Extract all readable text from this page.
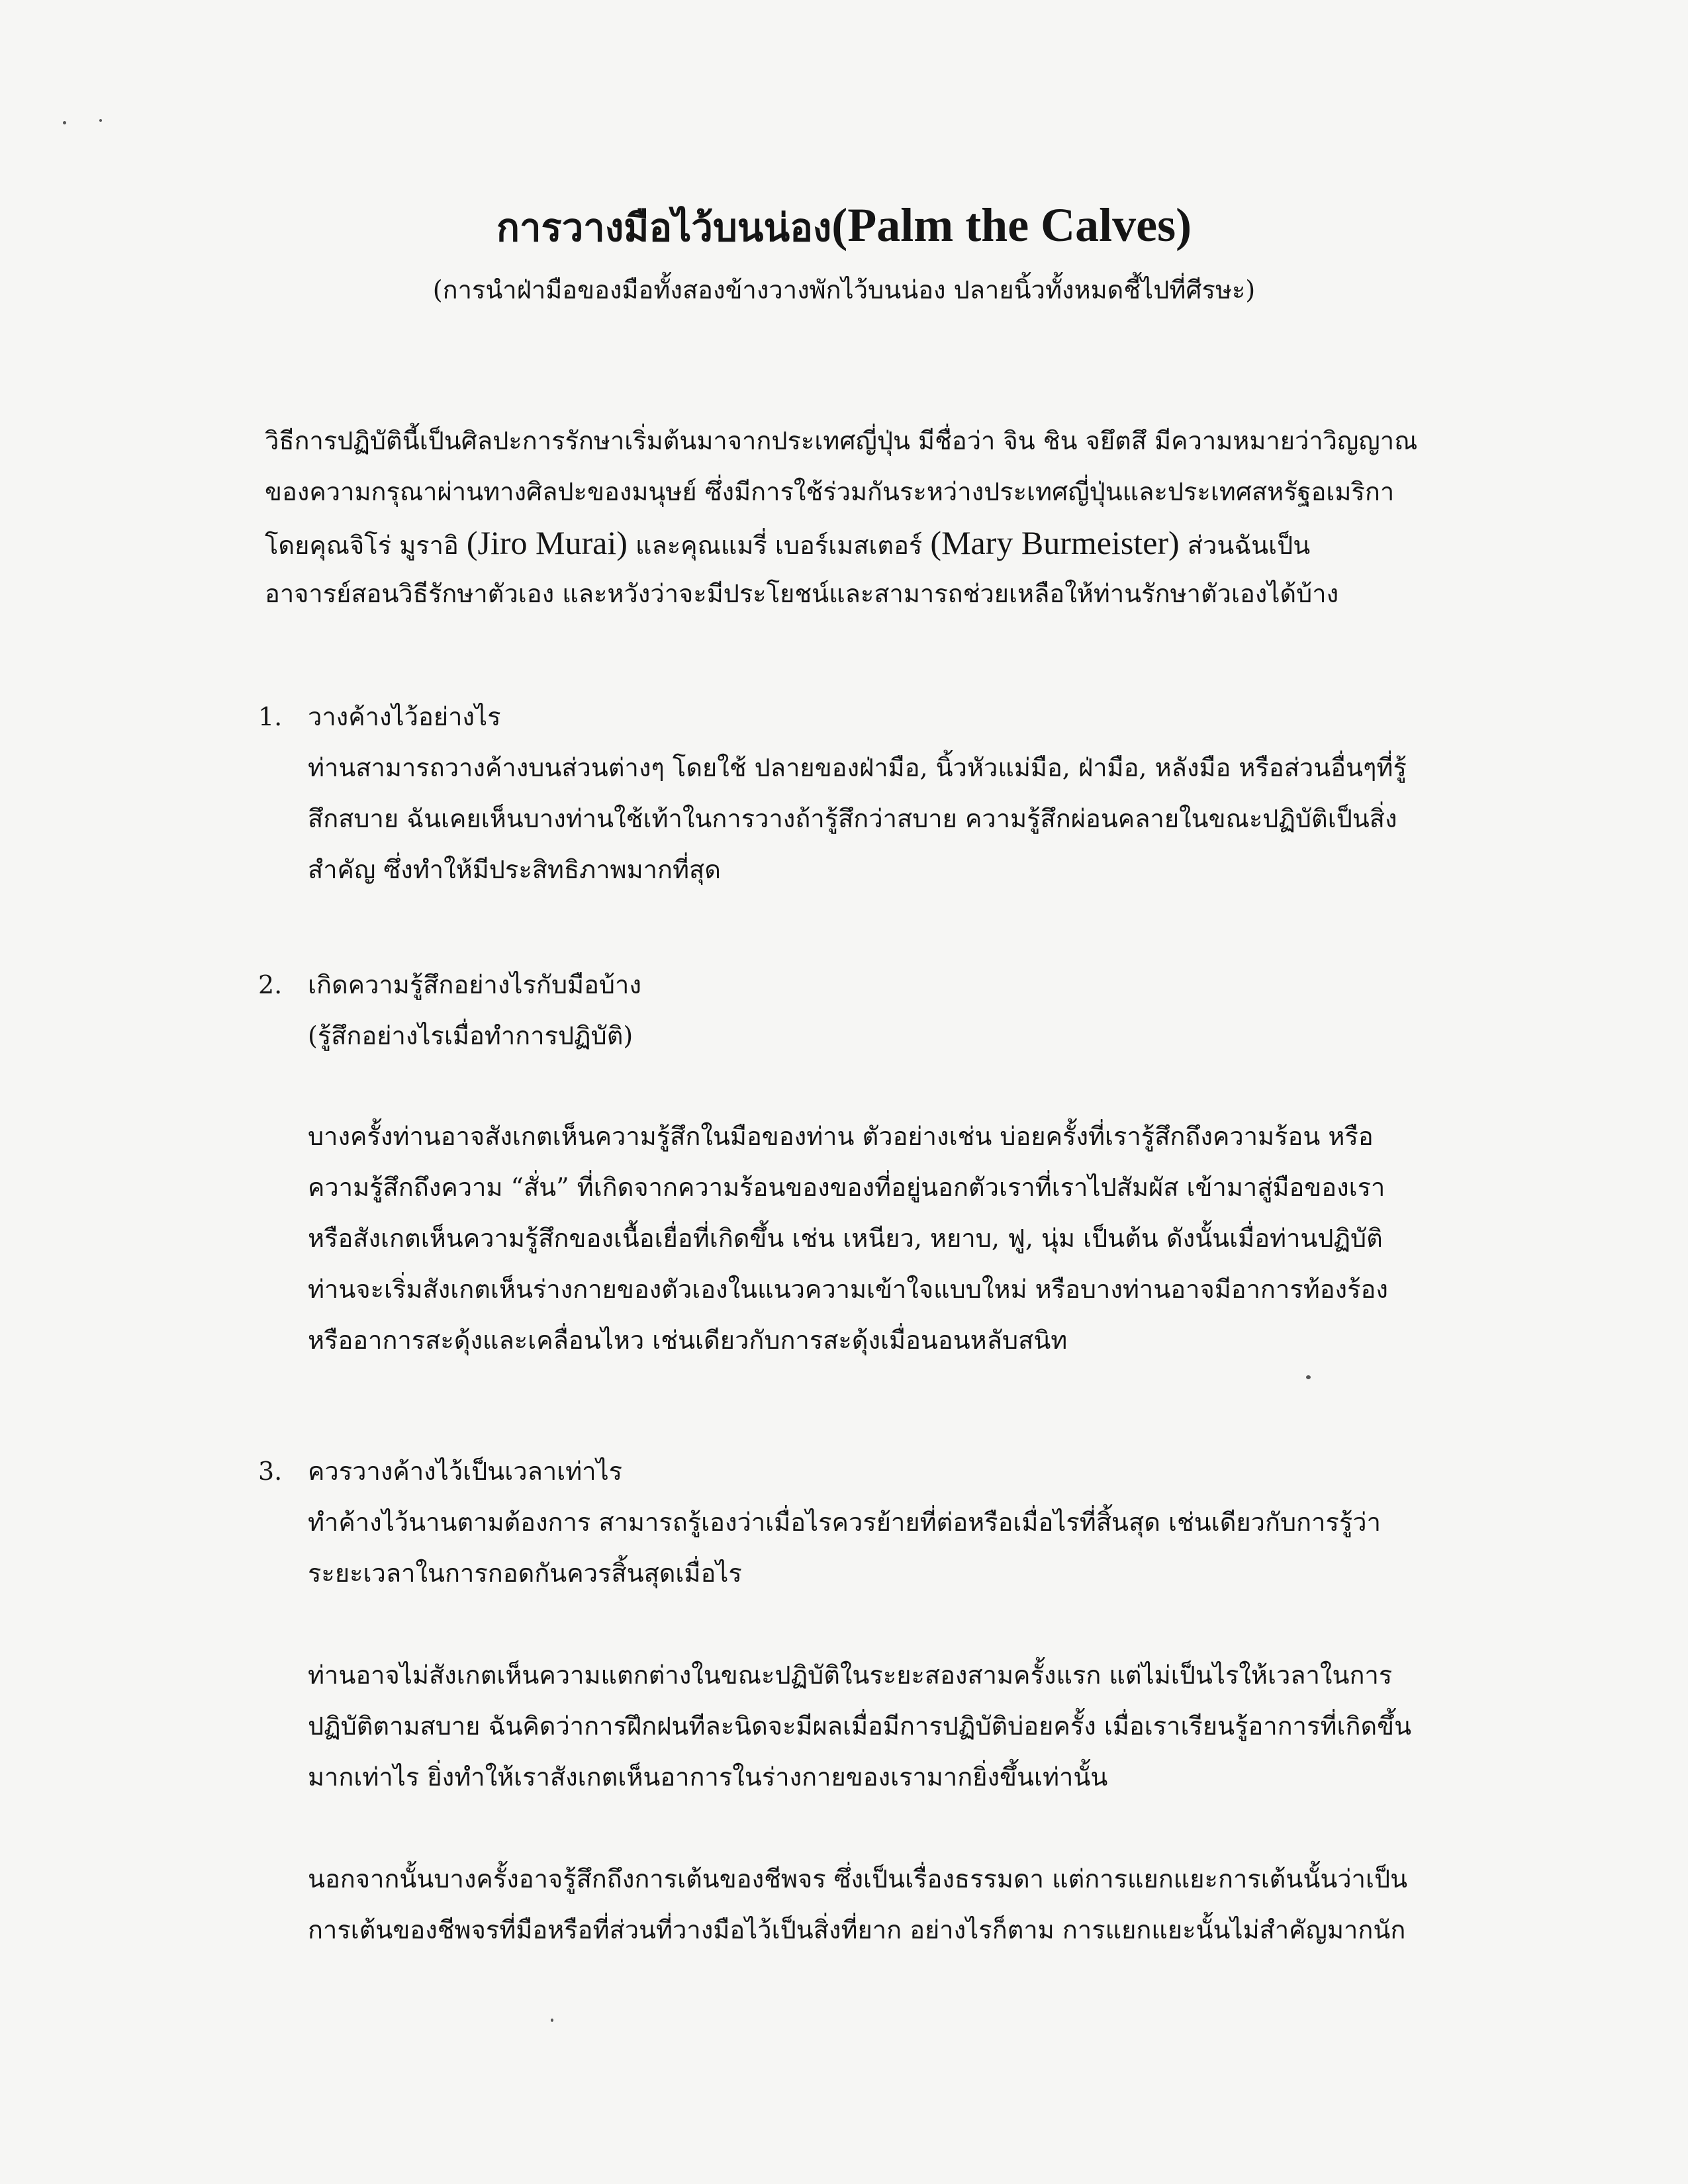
การวางมือไว้บนน่อง(Palm the Calves)
(การนำฝ่ามือของมือทั้งสองข้างวางพักไว้บนน่อง ปลายนิ้วทั้งหมดชี้ไปที่ศีรษะ)
วิธีการปฏิบัตินี้เป็นศิลปะการรักษาเริ่มต้นมาจากประเทศญี่ปุ่น มีชื่อว่า จิน ชิน จยึตสึ มีความหมายว่าวิญญาณ
ของความกรุณาผ่านทางศิลปะของมนุษย์ ซึ่งมีการใช้ร่วมกันระหว่างประเทศญี่ปุ่นและประเทศสหรัฐอเมริกา
โดยคุณจิโร่ มูราอิ (Jiro Murai) และคุณแมรี่ เบอร์เมสเตอร์ (Mary Burmeister) ส่วนฉันเป็น
อาจารย์สอนวิธีรักษาตัวเอง และหวังว่าจะมีประโยชน์และสามารถช่วยเหลือให้ท่านรักษาตัวเองได้บ้าง
1. วางค้างไว้อย่างไร
ท่านสามารถวางค้างบนส่วนต่างๆ โดยใช้ ปลายของฝ่ามือ, นิ้วหัวแม่มือ, ฝ่ามือ, หลังมือ หรือส่วนอื่นๆที่รู้
สึกสบาย ฉันเคยเห็นบางท่านใช้เท้าในการวางถ้ารู้สึกว่าสบาย ความรู้สึกผ่อนคลายในขณะปฏิบัติเป็นสิ่ง
สำคัญ ซึ่งทำให้มีประสิทธิภาพมากที่สุด
2. เกิดความรู้สึกอย่างไรกับมือบ้าง
(รู้สึกอย่างไรเมื่อทำการปฏิบัติ)
บางครั้งท่านอาจสังเกตเห็นความรู้สึกในมือของท่าน ตัวอย่างเช่น บ่อยครั้งที่เรารู้สึกถึงความร้อน หรือ
ความรู้สึกถึงความ “สั่น” ที่เกิดจากความร้อนของของที่อยู่นอกตัวเราที่เราไปสัมผัส เข้ามาสู่มือของเรา
หรือสังเกตเห็นความรู้สึกของเนื้อเยื่อที่เกิดขึ้น เช่น เหนียว, หยาบ, ฟู, นุ่ม เป็นต้น ดังนั้นเมื่อท่านปฏิบัติ
ท่านจะเริ่มสังเกตเห็นร่างกายของตัวเองในแนวความเข้าใจแบบใหม่ หรือบางท่านอาจมีอาการท้องร้อง
หรืออาการสะดุ้งและเคลื่อนไหว เช่นเดียวกับการสะดุ้งเมื่อนอนหลับสนิท
3. ควรวางค้างไว้เป็นเวลาเท่าไร
ทำค้างไว้นานตามต้องการ สามารถรู้เองว่าเมื่อไรควรย้ายที่ต่อหรือเมื่อไรที่สิ้นสุด เช่นเดียวกับการรู้ว่า
ระยะเวลาในการกอดกันควรสิ้นสุดเมื่อไร
ท่านอาจไม่สังเกตเห็นความแตกต่างในขณะปฏิบัติในระยะสองสามครั้งแรก แต่ไม่เป็นไรให้เวลาในการ
ปฏิบัติตามสบาย ฉันคิดว่าการฝึกฝนทีละนิดจะมีผลเมื่อมีการปฏิบัติบ่อยครั้ง เมื่อเราเรียนรู้อาการที่เกิดขึ้น
มากเท่าไร ยิ่งทำให้เราสังเกตเห็นอาการในร่างกายของเรามากยิ่งขึ้นเท่านั้น
นอกจากนั้นบางครั้งอาจรู้สึกถึงการเต้นของชีพจร ซึ่งเป็นเรื่องธรรมดา แต่การแยกแยะการเต้นนั้นว่าเป็น
การเต้นของชีพจรที่มือหรือที่ส่วนที่วางมือไว้เป็นสิ่งที่ยาก อย่างไรก็ตาม การแยกแยะนั้นไม่สำคัญมากนัก
